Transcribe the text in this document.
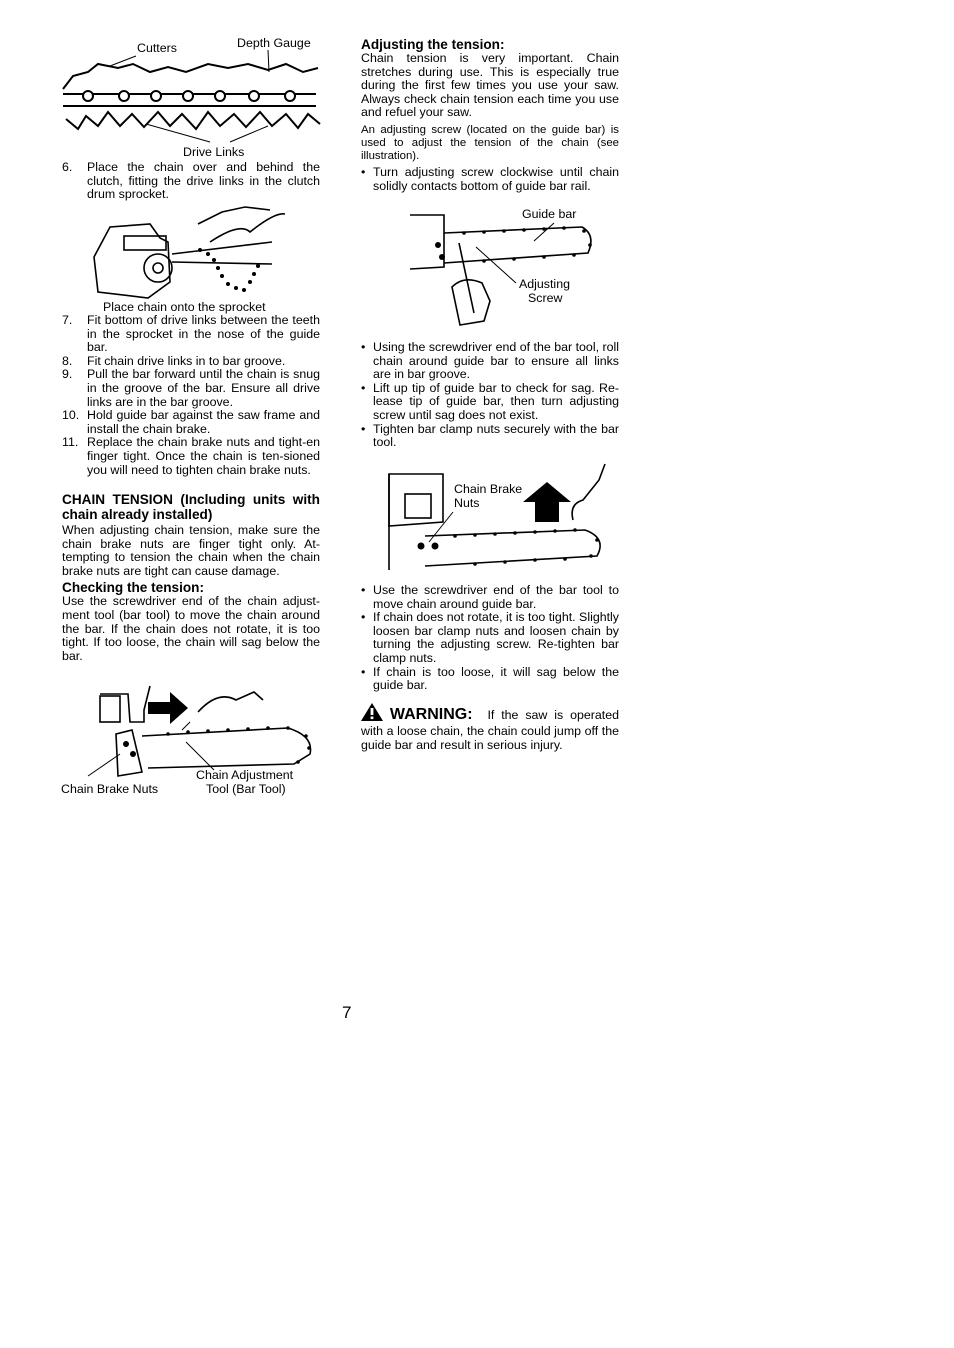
Cutters	Depth Gauge
Drive Links

6. Place the chain over and behind the clutch, fitting the drive links in the clutch drum sprocket.

Place chain onto the sprocket

7. Fit bottom of drive links between the teeth in the sprocket in the nose of the guide bar.

8. Fit chain drive links in to bar groove.

9. Pull the bar forward until the chain is snug in the groove of the bar. Ensure all drive links are in the bar groove.

10. Hold guide bar against the saw frame and install the chain brake.

11. Replace the chain brake nuts and tight-en finger tight. Once the chain is ten-sioned you will need to tighten chain brake nuts.

CHAIN TENSION (Including units with chain already installed)

When adjusting chain tension, make sure the chain brake nuts are finger tight only. At-tempting to tension the chain when the chain brake nuts are tight can cause damage.

Checking the tension:

Use the screwdriver end of the chain adjust-ment tool (bar tool) to move the chain around the bar. If the chain does not rotate, it is too tight. If too loose, the chain will sag below the bar.

Chain Adjustment
Tool (Bar Tool)
Chain Brake Nuts
Adjusting the tension:

Chain tension is very important. Chain stretches during use. This is especially true during the first few times you use your saw. Always check chain tension each time you use and refuel your saw.

An adjusting screw (located on the guide bar) is used to adjust the tension of the chain (see illustration).

• Turn adjusting screw clockwise until chain solidly contacts bottom of guide bar rail.

Guide bar
Adjusting
Screw

• Using the screwdriver end of the bar tool, roll chain around guide bar to ensure all links are in bar groove.

• Lift up tip of guide bar to check for sag. Re-lease tip of guide bar, then turn adjusting screw until sag does not exist.

• Tighten bar clamp nuts securely with the bar tool.

Chain Brake
Nuts

• Use the screwdriver end of the bar tool to move chain around guide bar.

• If chain does not rotate, it is too tight. Slightly loosen bar clamp nuts and loosen chain by turning the adjusting screw. Re-tighten bar clamp nuts.

• If chain is too loose, it will sag below the guide bar.

WARNING: If the saw is operated with a loose chain, the chain could jump off the guide bar and result in serious injury.

7
